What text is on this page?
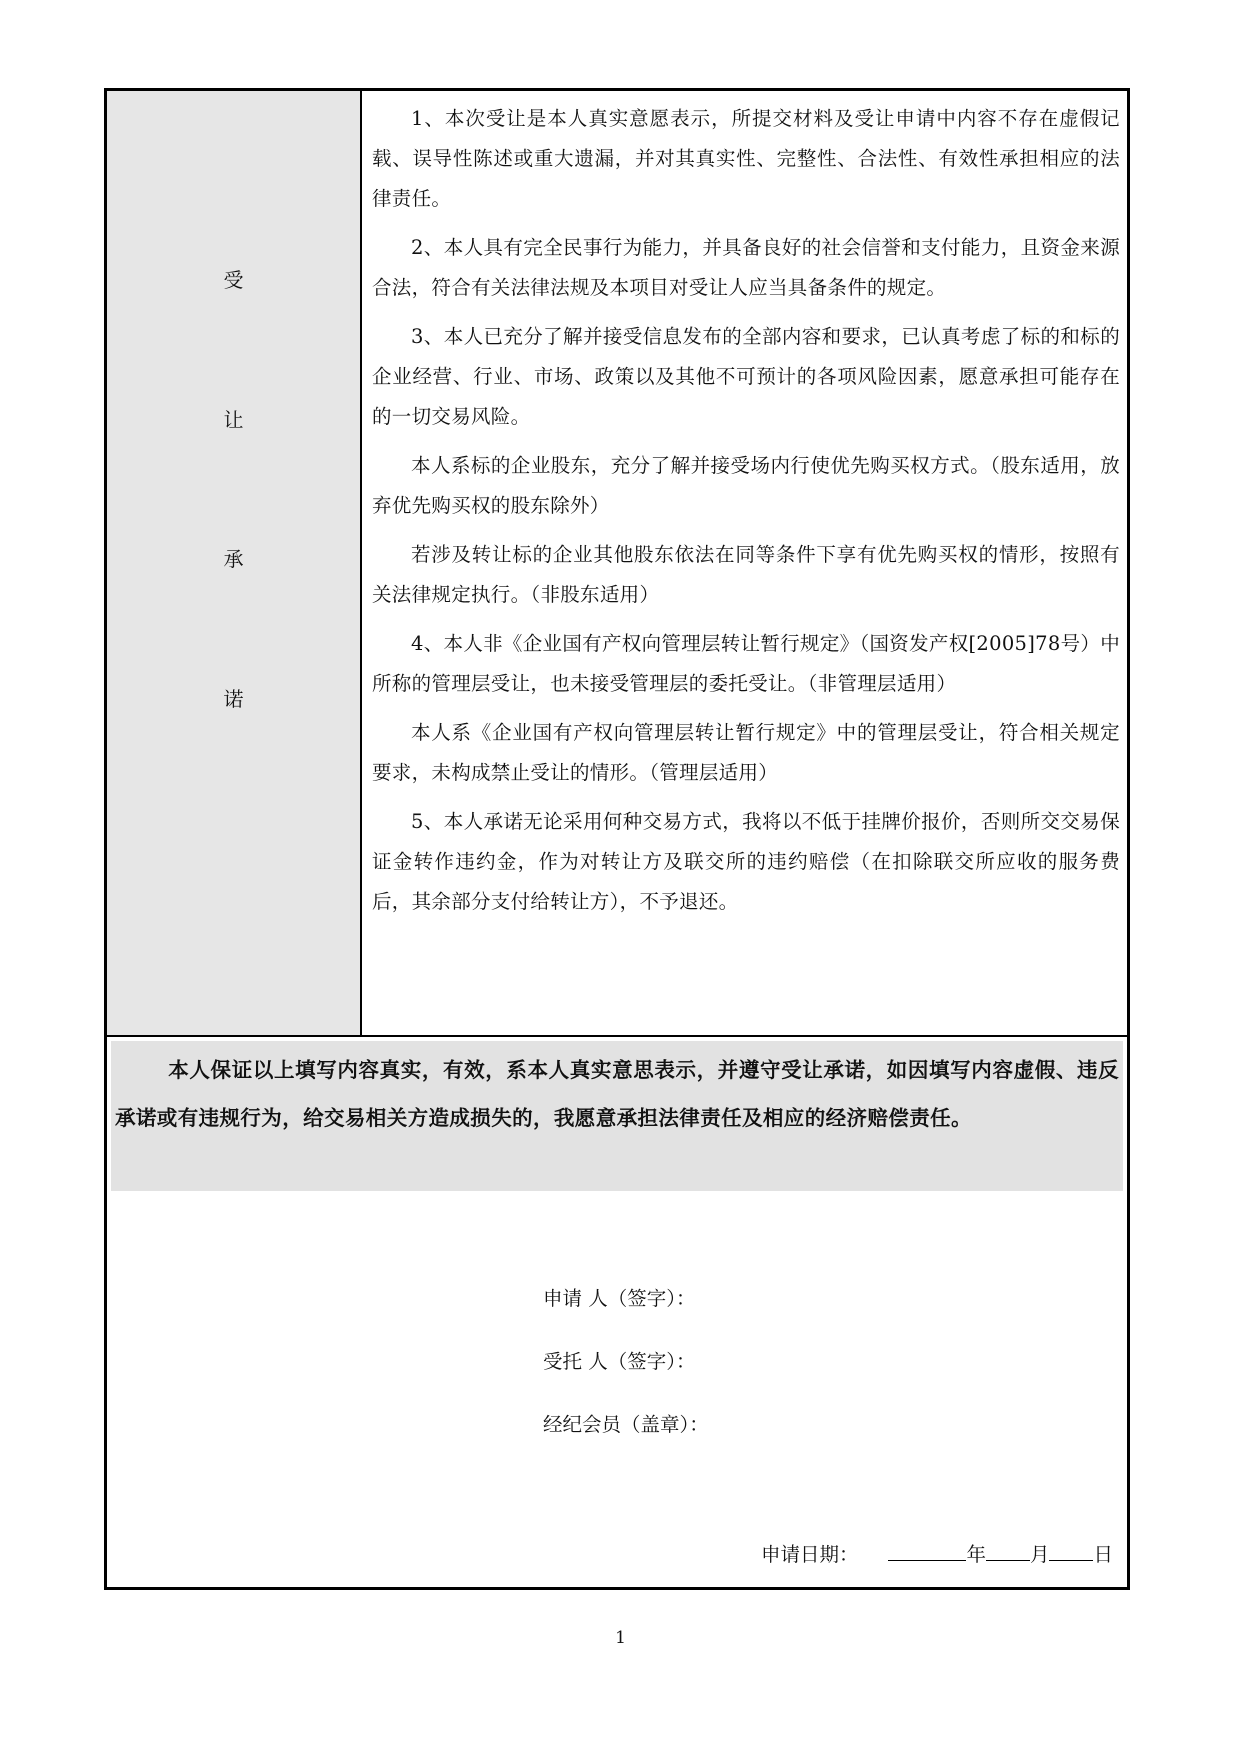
受
让
承
诺

1、本次受让是本人真实意愿表示，所提交材料及受让申请中内容不存在虚假记载、误导性陈述或重大遗漏，并对其真实性、完整性、合法性、有效性承担相应的法律责任。

2、本人具有完全民事行为能力，并具备良好的社会信誉和支付能力，且资金来源合法，符合有关法律法规及本项目对受让人应当具备条件的规定。

3、本人已充分了解并接受信息发布的全部内容和要求，已认真考虑了标的和标的企业经营、行业、市场、政策以及其他不可预计的各项风险因素，愿意承担可能存在的一切交易风险。

本人系标的企业股东，充分了解并接受场内行使优先购买权方式。（股东适用，放弃优先购买权的股东除外）

若涉及转让标的企业其他股东依法在同等条件下享有优先购买权的情形，按照有关法律规定执行。（非股东适用）

4、本人非《企业国有产权向管理层转让暂行规定》（国资发产权[2005]78号）中所称的管理层受让，也未接受管理层的委托受让。（非管理层适用）

本人系《企业国有产权向管理层转让暂行规定》中的管理层受让，符合相关规定要求，未构成禁止受让的情形。（管理层适用）

5、本人承诺无论采用何种交易方式，我将以不低于挂牌价报价，否则所交交易保证金转作违约金，作为对转让方及联交所的违约赔偿（在扣除联交所应收的服务费后，其余部分支付给转让方），不予退还。

本人保证以上填写内容真实，有效，系本人真实意思表示，并遵守受让承诺，如因填写内容虚假、违反承诺或有违规行为，给交易相关方造成损失的，我愿意承担法律责任及相应的经济赔偿责任。

申请 人（签字）：
受托 人（签字）：
经纪会员（盖章）：
申请日期：	年 月 日
1
